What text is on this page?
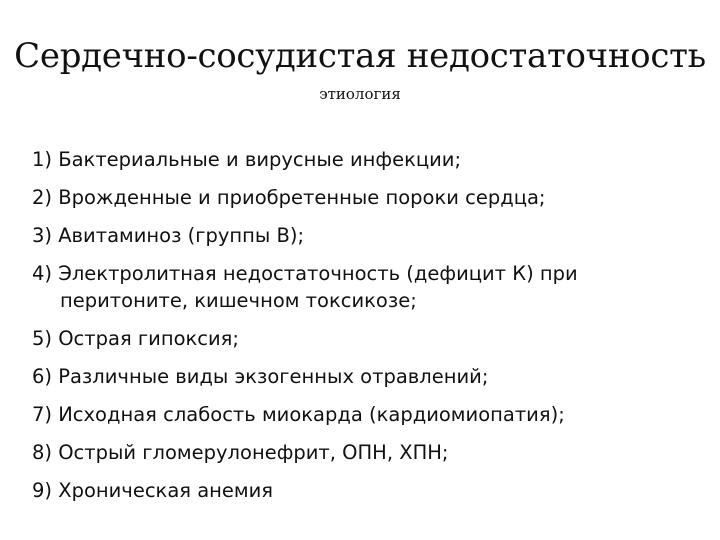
Сердечно-сосудистая недостаточность
этиология
1) Бактериальные и вирусные инфекции;
2) Врожденные и приобретенные пороки сердца;
3) Авитаминоз (группы В);
4) Электролитная недостаточность (дефицит К) при перитоните, кишечном токсикозе;
5) Острая гипоксия;
6) Различные виды экзогенных отравлений;
7) Исходная слабость миокарда (кардиомиопатия);
8) Острый гломерулонефрит, ОПН, ХПН;
9) Хроническая анемия
